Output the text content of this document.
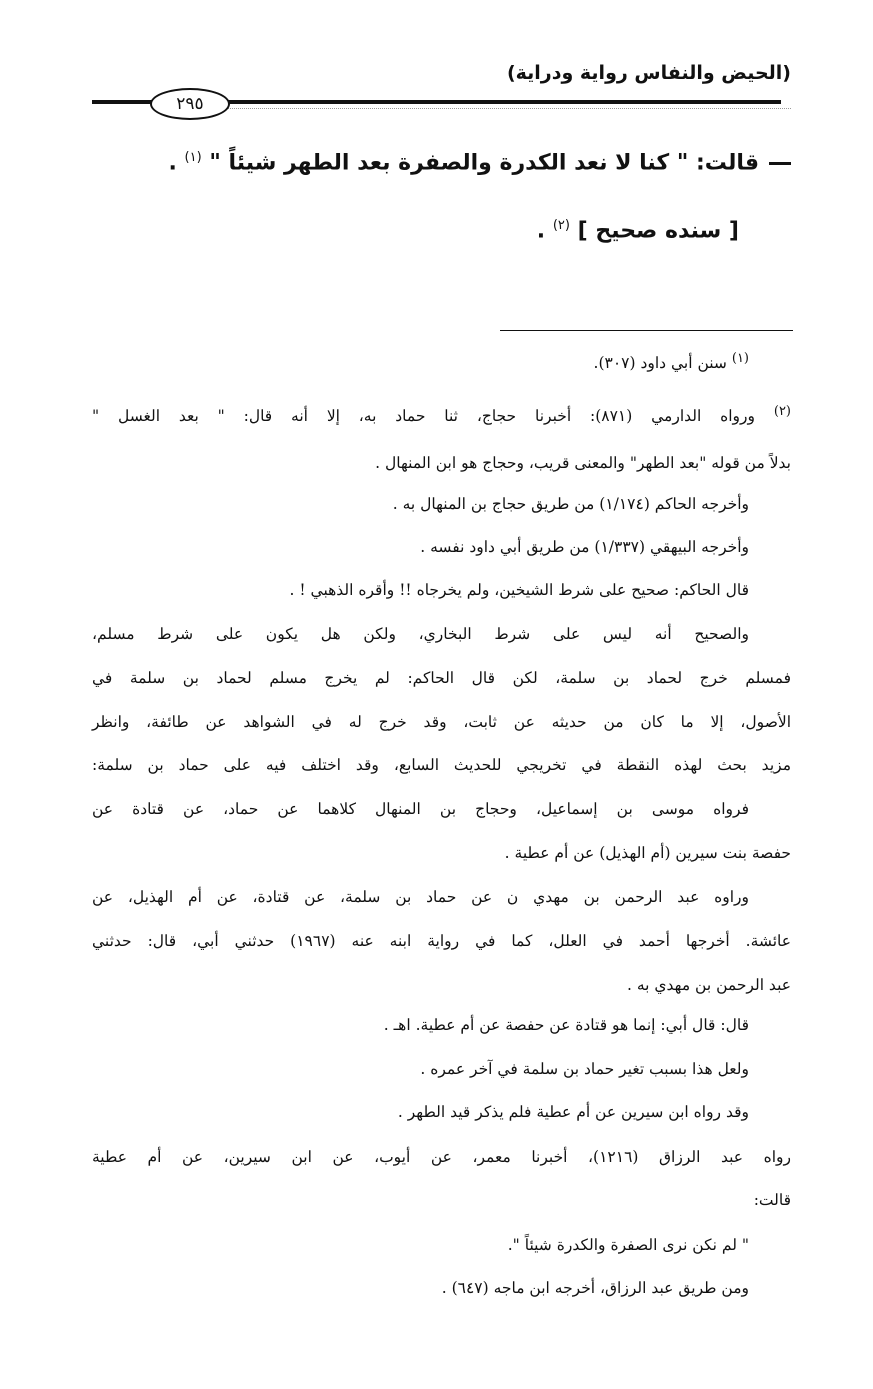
(الحيض والنفاس رواية ودراية)
٢٩٥
قالت: " كنا لا نعد الكدرة والصفرة بعد الطهر شيئاً " $^{(١)}$ .
[ سنده صحيح ] $^{(٢)}$ .
$^{(١)}$ سنن أبي داود (٣٠٧).
$^{(٢)}$ ورواه الدارمي (٨٧١): أخبرنا حجاج، ثنا حماد به، إلا أنه قال: " بعد الغسل "
بدلاً من قوله "بعد الطهر" والمعنى قريب، وحجاج هو ابن المنهال .
وأخرجه الحاكم (١/١٧٤) من طريق حجاج بن المنهال به .
وأخرجه البيهقي (١/٣٣٧) من طريق أبي داود نفسه .
قال الحاكم: صحيح على شرط الشيخين، ولم يخرجاه !! وأقره الذهبي ! .
والصحيح أنه ليس على شرط البخاري، ولكن هل يكون على شرط مسلم،
فمسلم خرج لحماد بن سلمة، لكن قال الحاكم: لم يخرج مسلم لحماد بن سلمة في
الأصول، إلا ما كان من حديثه عن ثابت، وقد خرج له في الشواهد عن طائفة، وانظر
مزيد بحث لهذه النقطة في تخريجي للحديث السابع، وقد اختلف فيه على حماد بن سلمة:
فرواه موسى بن إسماعيل، وحجاج بن المنهال كلاهما عن حماد، عن قتادة عن
حفصة بنت سيرين (أم الهذيل) عن أم عطية .
وراوه عبد الرحمن بن مهدي ن عن حماد بن سلمة، عن قتادة، عن أم الهذيل، عن
عائشة. أخرجها أحمد في العلل، كما في رواية ابنه عنه (١٩٦٧) حدثني أبي، قال: حدثني
عبد الرحمن بن مهدي به .
قال: قال أبي: إنما هو قتادة عن حفصة عن أم عطية. اهـ .
ولعل هذا بسبب تغير حماد بن سلمة في آخر عمره .
وقد رواه ابن سيرين عن أم عطية فلم يذكر قيد الطهر .
رواه عبد الرزاق (١٢١٦)، أخبرنا معمر، عن أيوب، عن ابن سيرين، عن أم عطية
قالت:
" لم نكن نرى الصفرة والكدرة شيئاً ".
ومن طريق عبد الرزاق، أخرجه ابن ماجه (٦٤٧) .
